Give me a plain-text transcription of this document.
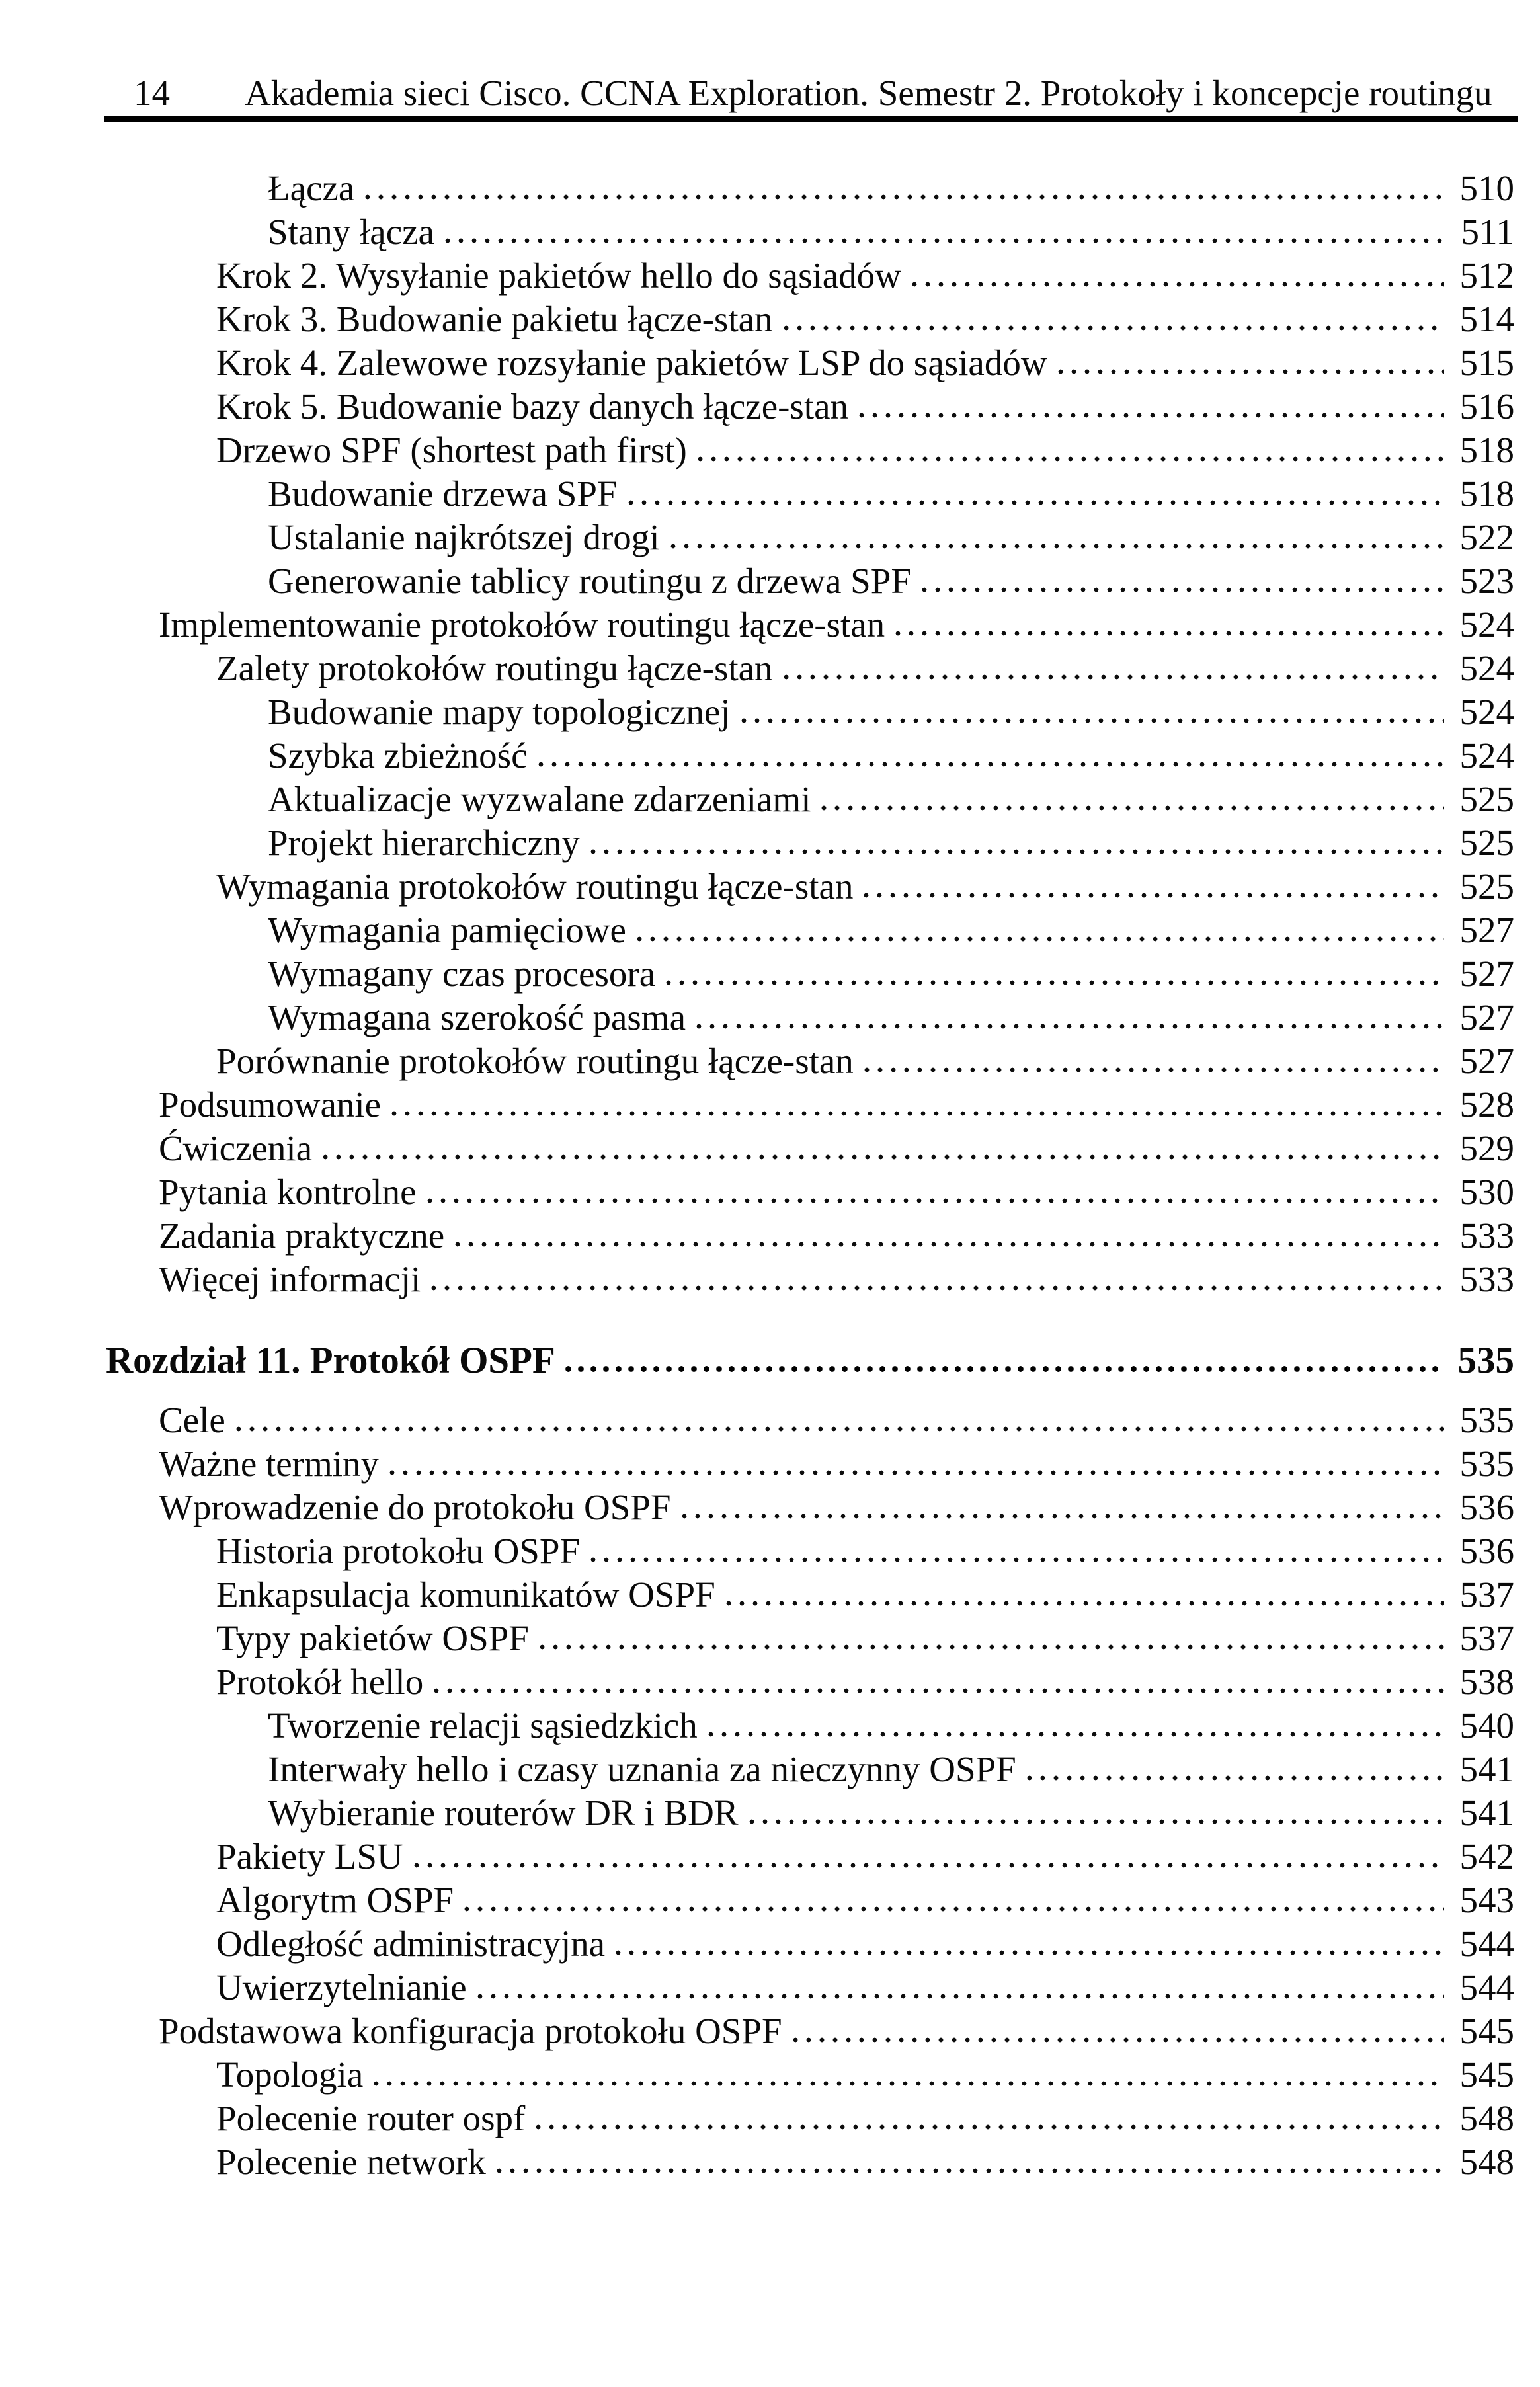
14 Akademia sieci Cisco. CCNA Exploration. Semestr 2. Protokoły i koncepcje routingu
Łącza	510
Stany łącza	511
Krok 2. Wysyłanie pakietów hello do sąsiadów	512
Krok 3. Budowanie pakietu łącze-stan	514
Krok 4. Zalewowe rozsyłanie pakietów LSP do sąsiadów	515
Krok 5. Budowanie bazy danych łącze-stan	516
Drzewo SPF (shortest path first)	518
Budowanie drzewa SPF	518
Ustalanie najkrótszej drogi	522
Generowanie tablicy routingu z drzewa SPF	523
Implementowanie protokołów routingu łącze-stan	524
Zalety protokołów routingu łącze-stan	524
Budowanie mapy topologicznej	524
Szybka zbieżność	524
Aktualizacje wyzwalane zdarzeniami	525
Projekt hierarchiczny	525
Wymagania protokołów routingu łącze-stan	525
Wymagania pamięciowe	527
Wymagany czas procesora	527
Wymagana szerokość pasma	527
Porównanie protokołów routingu łącze-stan	527
Podsumowanie	528
Ćwiczenia	529
Pytania kontrolne	530
Zadania praktyczne	533
Więcej informacji	533
Rozdział 11. Protokół OSPF	535
Cele	535
Ważne terminy	535
Wprowadzenie do protokołu OSPF	536
Historia protokołu OSPF	536
Enkapsulacja komunikatów OSPF	537
Typy pakietów OSPF	537
Protokół hello	538
Tworzenie relacji sąsiedzkich	540
Interwały hello i czasy uznania za nieczynny OSPF	541
Wybieranie routerów DR i BDR	541
Pakiety LSU	542
Algorytm OSPF	543
Odległość administracyjna	544
Uwierzytelnianie	544
Podstawowa konfiguracja protokołu OSPF	545
Topologia	545
Polecenie router ospf	548
Polecenie network	548
